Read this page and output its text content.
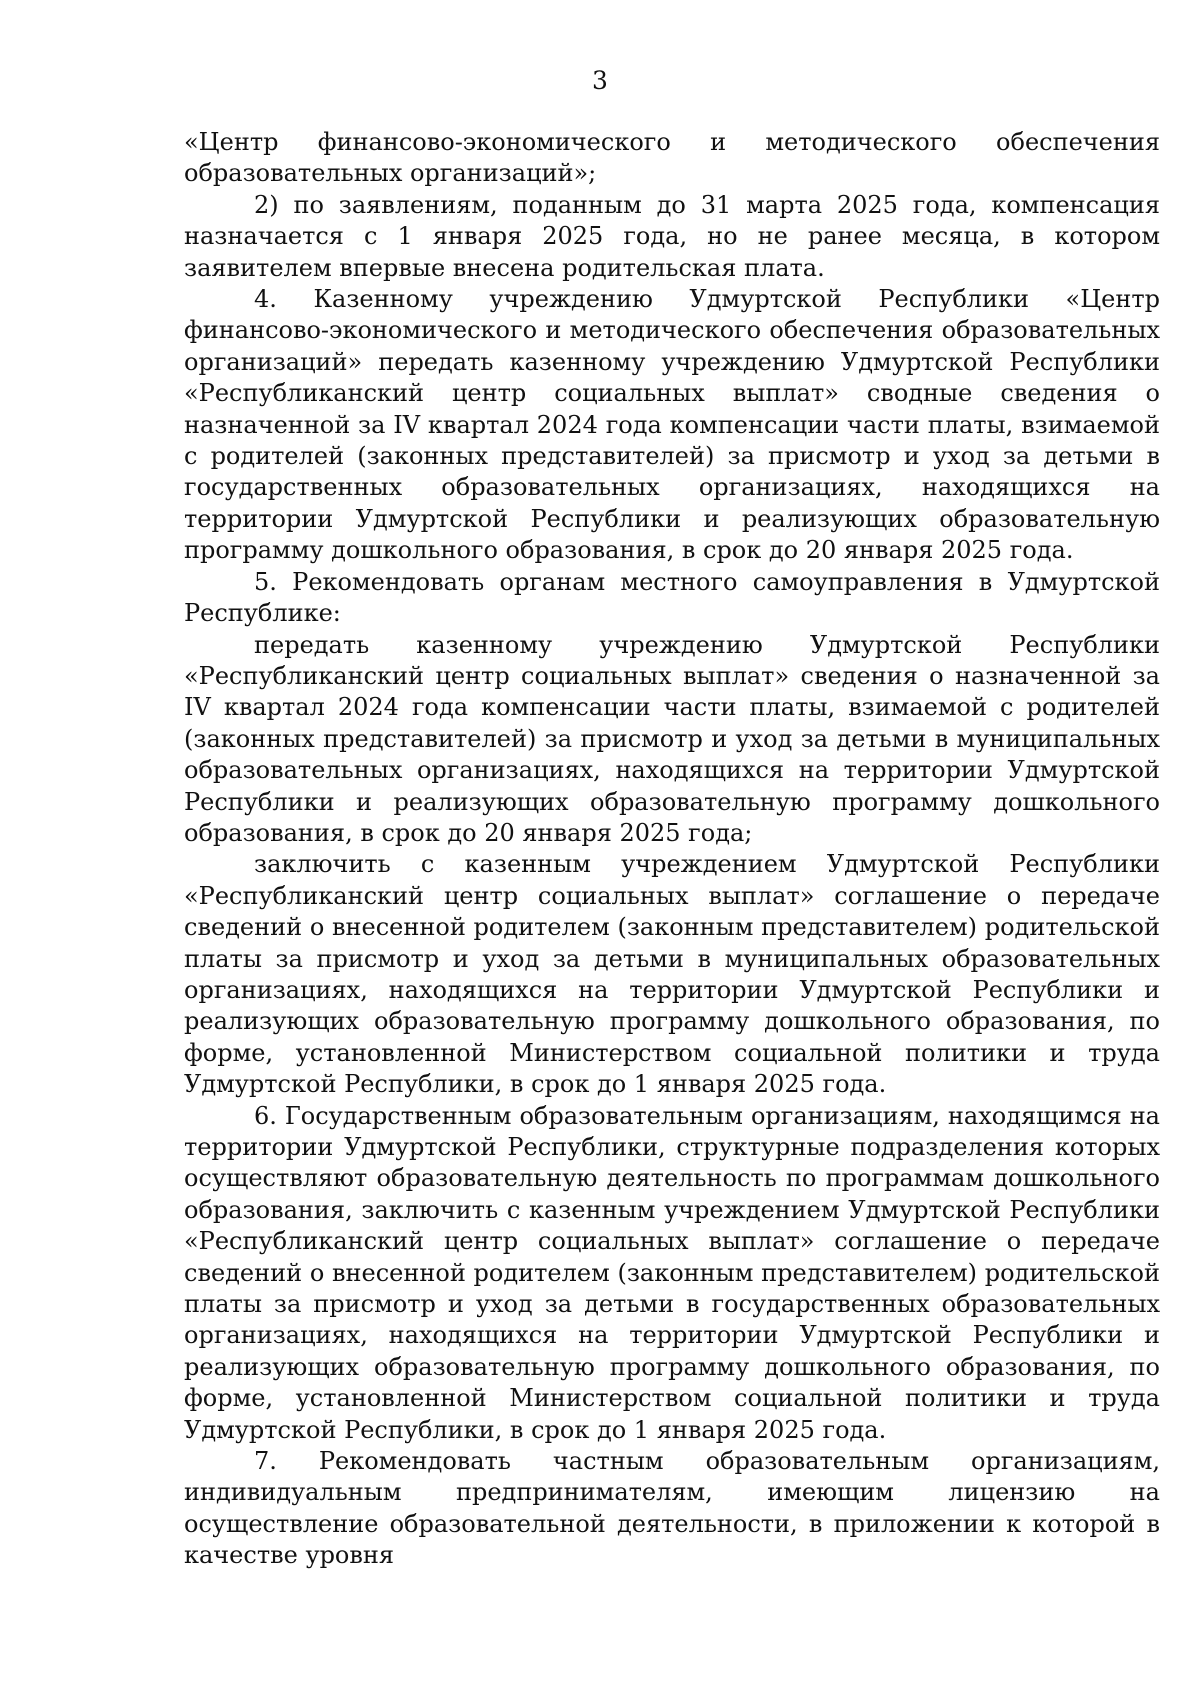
3

«Центр финансово-экономического и методического обеспечения образовательных организаций»;

2) по заявлениям, поданным до 31 марта 2025 года, компенсация назначается с 1 января 2025 года, но не ранее месяца, в котором заявителем впервые внесена родительская плата.

4. Казенному учреждению Удмуртской Республики «Центр финансово-экономического и методического обеспечения образовательных организаций» передать казенному учреждению Удмуртской Республики «Республиканский центр социальных выплат» сводные сведения о назначенной за IV квартал 2024 года компенсации части платы, взимаемой с родителей (законных представителей) за присмотр и уход за детьми в государственных образовательных организациях, находящихся на территории Удмуртской Республики и реализующих образовательную программу дошкольного образования, в срок до 20 января 2025 года.

5. Рекомендовать органам местного самоуправления в Удмуртской Республике:

передать казенному учреждению Удмуртской Республики «Республиканский центр социальных выплат» сведения о назначенной за IV квартал 2024 года компенсации части платы, взимаемой с родителей (законных представителей) за присмотр и уход за детьми в муниципальных образовательных организациях, находящихся на территории Удмуртской Республики и реализующих образовательную программу дошкольного образования, в срок до 20 января 2025 года;

заключить с казенным учреждением Удмуртской Республики «Республиканский центр социальных выплат» соглашение о передаче сведений о внесенной родителем (законным представителем) родительской платы за присмотр и уход за детьми в муниципальных образовательных организациях, находящихся на территории Удмуртской Республики и реализующих образовательную программу дошкольного образования, по форме, установленной Министерством социальной политики и труда Удмуртской Республики, в срок до 1 января 2025 года.

6. Государственным образовательным организациям, находящимся на территории Удмуртской Республики, структурные подразделения которых осуществляют образовательную деятельность по программам дошкольного образования, заключить с казенным учреждением Удмуртской Республики «Республиканский центр социальных выплат» соглашение о передаче сведений о внесенной родителем (законным представителем) родительской платы за присмотр и уход за детьми в государственных образовательных организациях, находящихся на территории Удмуртской Республики и реализующих образовательную программу дошкольного образования, по форме, установленной Министерством социальной политики и труда Удмуртской Республики, в срок до 1 января 2025 года.

7. Рекомендовать частным образовательным организациям, индивидуальным предпринимателям, имеющим лицензию на осуществление образовательной деятельности, в приложении к которой в качестве уровня
